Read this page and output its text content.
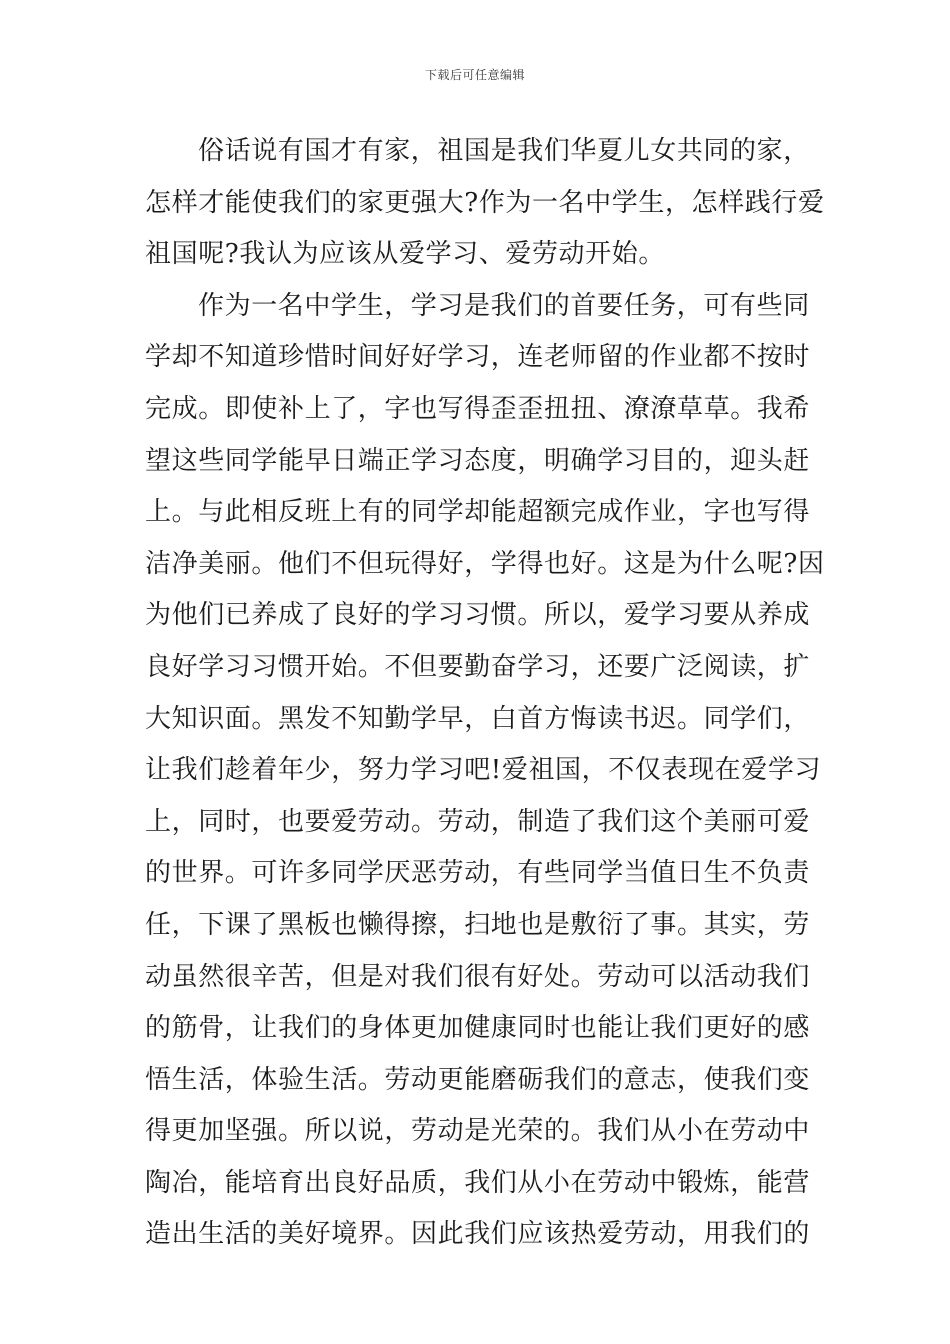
下载后可任意编辑
俗话说有国才有家，祖国是我们华夏儿女共同的家，
怎样才能使我们的家更强大?作为一名中学生，怎样践行爱
祖国呢?我认为应该从爱学习、爱劳动开始。
作为一名中学生，学习是我们的首要任务，可有些同
学却不知道珍惜时间好好学习，连老师留的作业都不按时
完成。即使补上了，字也写得歪歪扭扭、潦潦草草。我希
望这些同学能早日端正学习态度，明确学习目的，迎头赶
上。与此相反班上有的同学却能超额完成作业，字也写得
洁净美丽。他们不但玩得好，学得也好。这是为什么呢?因
为他们已养成了良好的学习习惯。所以，爱学习要从养成
良好学习习惯开始。不但要勤奋学习，还要广泛阅读，扩
大知识面。黑发不知勤学早，白首方悔读书迟。同学们，
让我们趁着年少，努力学习吧!爱祖国，不仅表现在爱学习
上，同时，也要爱劳动。劳动，制造了我们这个美丽可爱
的世界。可许多同学厌恶劳动，有些同学当值日生不负责
任，下课了黑板也懒得擦，扫地也是敷衍了事。其实，劳
动虽然很辛苦，但是对我们很有好处。劳动可以活动我们
的筋骨，让我们的身体更加健康同时也能让我们更好的感
悟生活，体验生活。劳动更能磨砺我们的意志，使我们变
得更加坚强。所以说，劳动是光荣的。我们从小在劳动中
陶冶，能培育出良好品质，我们从小在劳动中锻炼，能营
造出生活的美好境界。因此我们应该热爱劳动，用我们的
